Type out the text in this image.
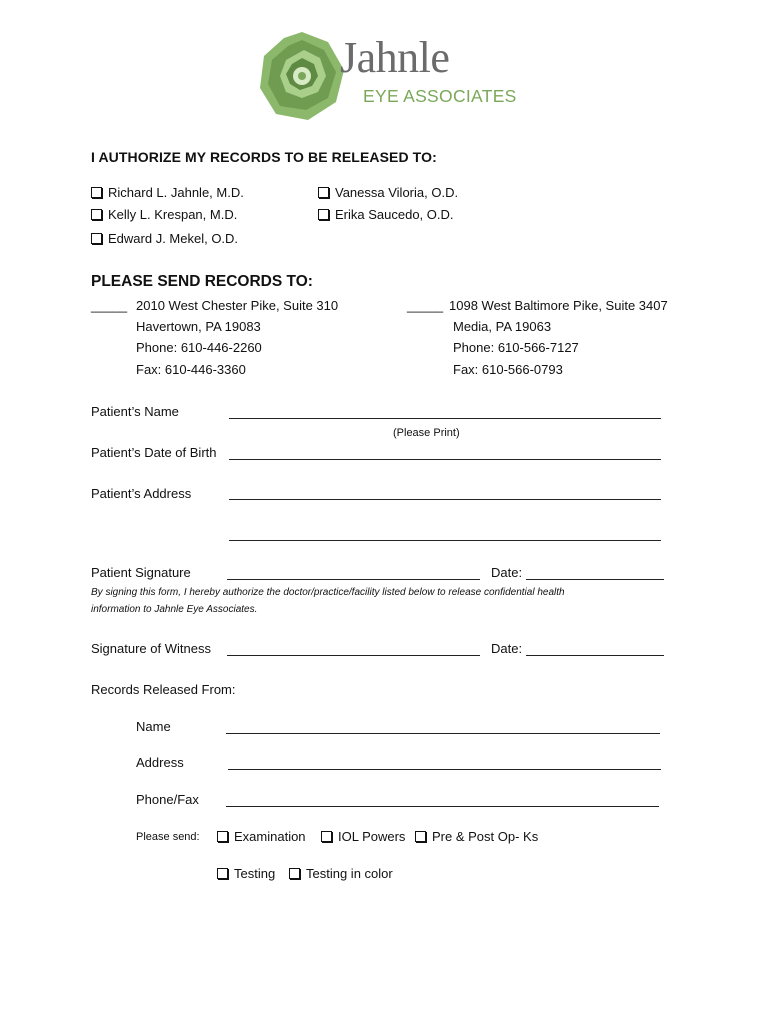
Jahnle
EYE ASSOCIATES
I AUTHORIZE MY RECORDS TO BE RELEASED TO:
Richard L. Jahnle, M.D.	Vanessa Viloria, O.D.
Kelly L. Krespan, M.D.	Erika Saucedo, O.D.
Edward J. Mekel, O.D.
PLEASE SEND RECORDS TO:
_____ 2010 West Chester Pike, Suite 310
Havertown, PA 19083
Phone: 610-446-2260
Fax: 610-446-3360
_____ 1098 West Baltimore Pike, Suite 3407
Media, PA 19063
Phone: 610-566-7127
Fax: 610-566-0793
Patient’s Name
(Please Print)
Patient’s Date of Birth
Patient’s Address
Patient Signature	Date:
By signing this form, I hereby authorize the doctor/practice/facility listed below to release confidential health
information to Jahnle Eye Associates.
Signature of Witness	Date:
Records Released From:
Name
Address
Phone/Fax
Please send:	Examination	IOL Powers	Pre & Post Op- Ks
Testing	Testing in color
